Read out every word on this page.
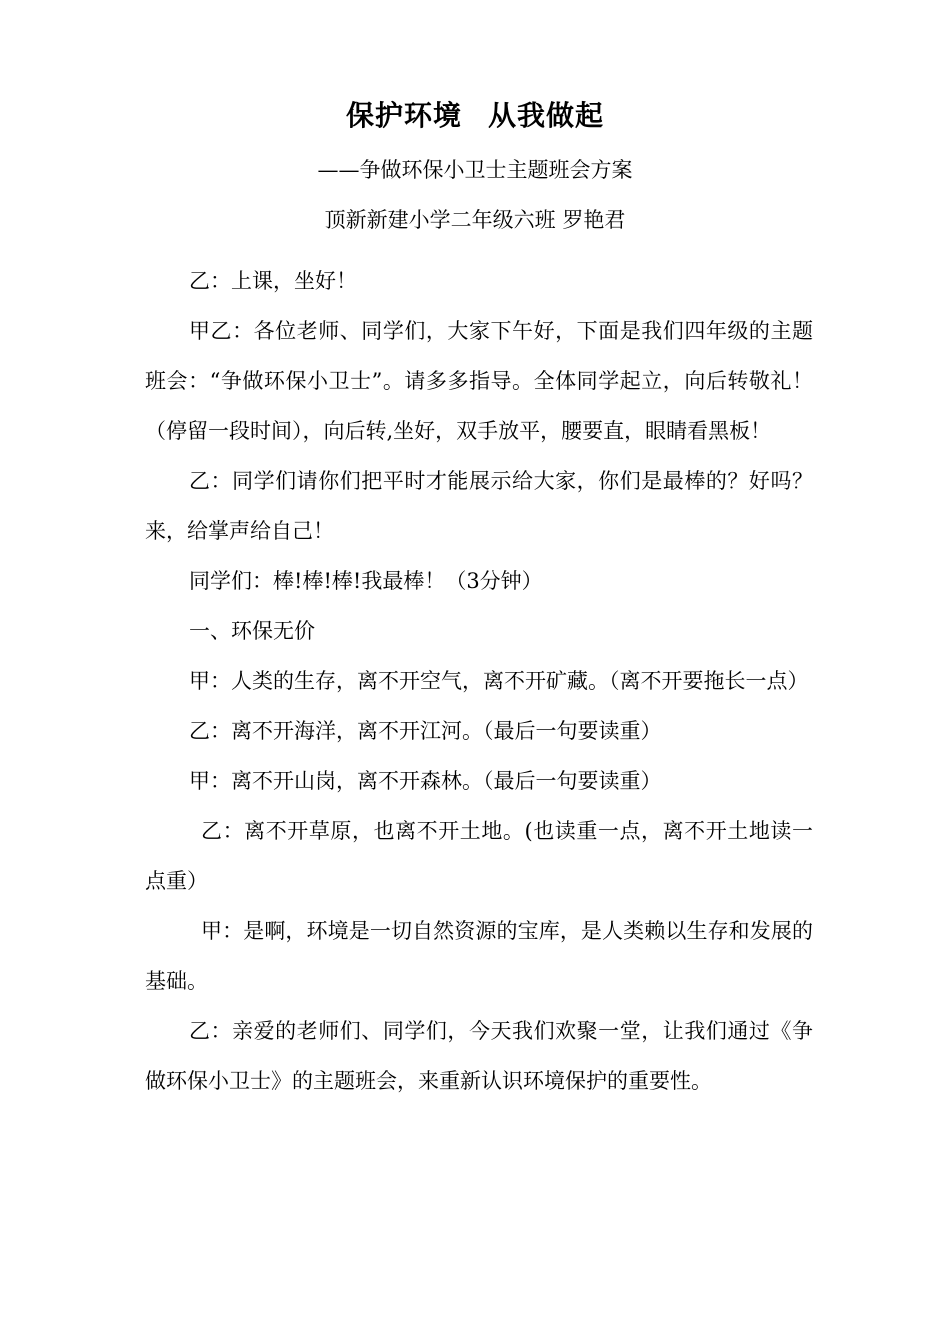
保护环境 从我做起

——争做环保小卫士主题班会方案

顶新新建小学二年级六班 罗艳君

乙：上课，坐好！

甲乙：各位老师、同学们，大家下午好，下面是我们四年级的主题班会：“争做环保小卫士”。请多多指导。全体同学起立，向后转敬礼！（停留一段时间），向后转,坐好，双手放平，腰要直，眼睛看黑板！

乙：同学们请你们把平时才能展示给大家，你们是最棒的？好吗？来，给掌声给自己！

同学们：棒!棒!棒!我最棒！（3分钟）

一、环保无价

甲：人类的生存，离不开空气，离不开矿藏。（离不开要拖长一点）

乙：离不开海洋，离不开江河。（最后一句要读重）

甲：离不开山岗，离不开森林。（最后一句要读重）

乙：离不开草原，也离不开土地。(也读重一点，离不开土地读一点重）

甲：是啊，环境是一切自然资源的宝库，是人类赖以生存和发展的基础。

乙：亲爱的老师们、同学们，今天我们欢聚一堂，让我们通过《争做环保小卫士》的主题班会，来重新认识环境保护的重要性。
